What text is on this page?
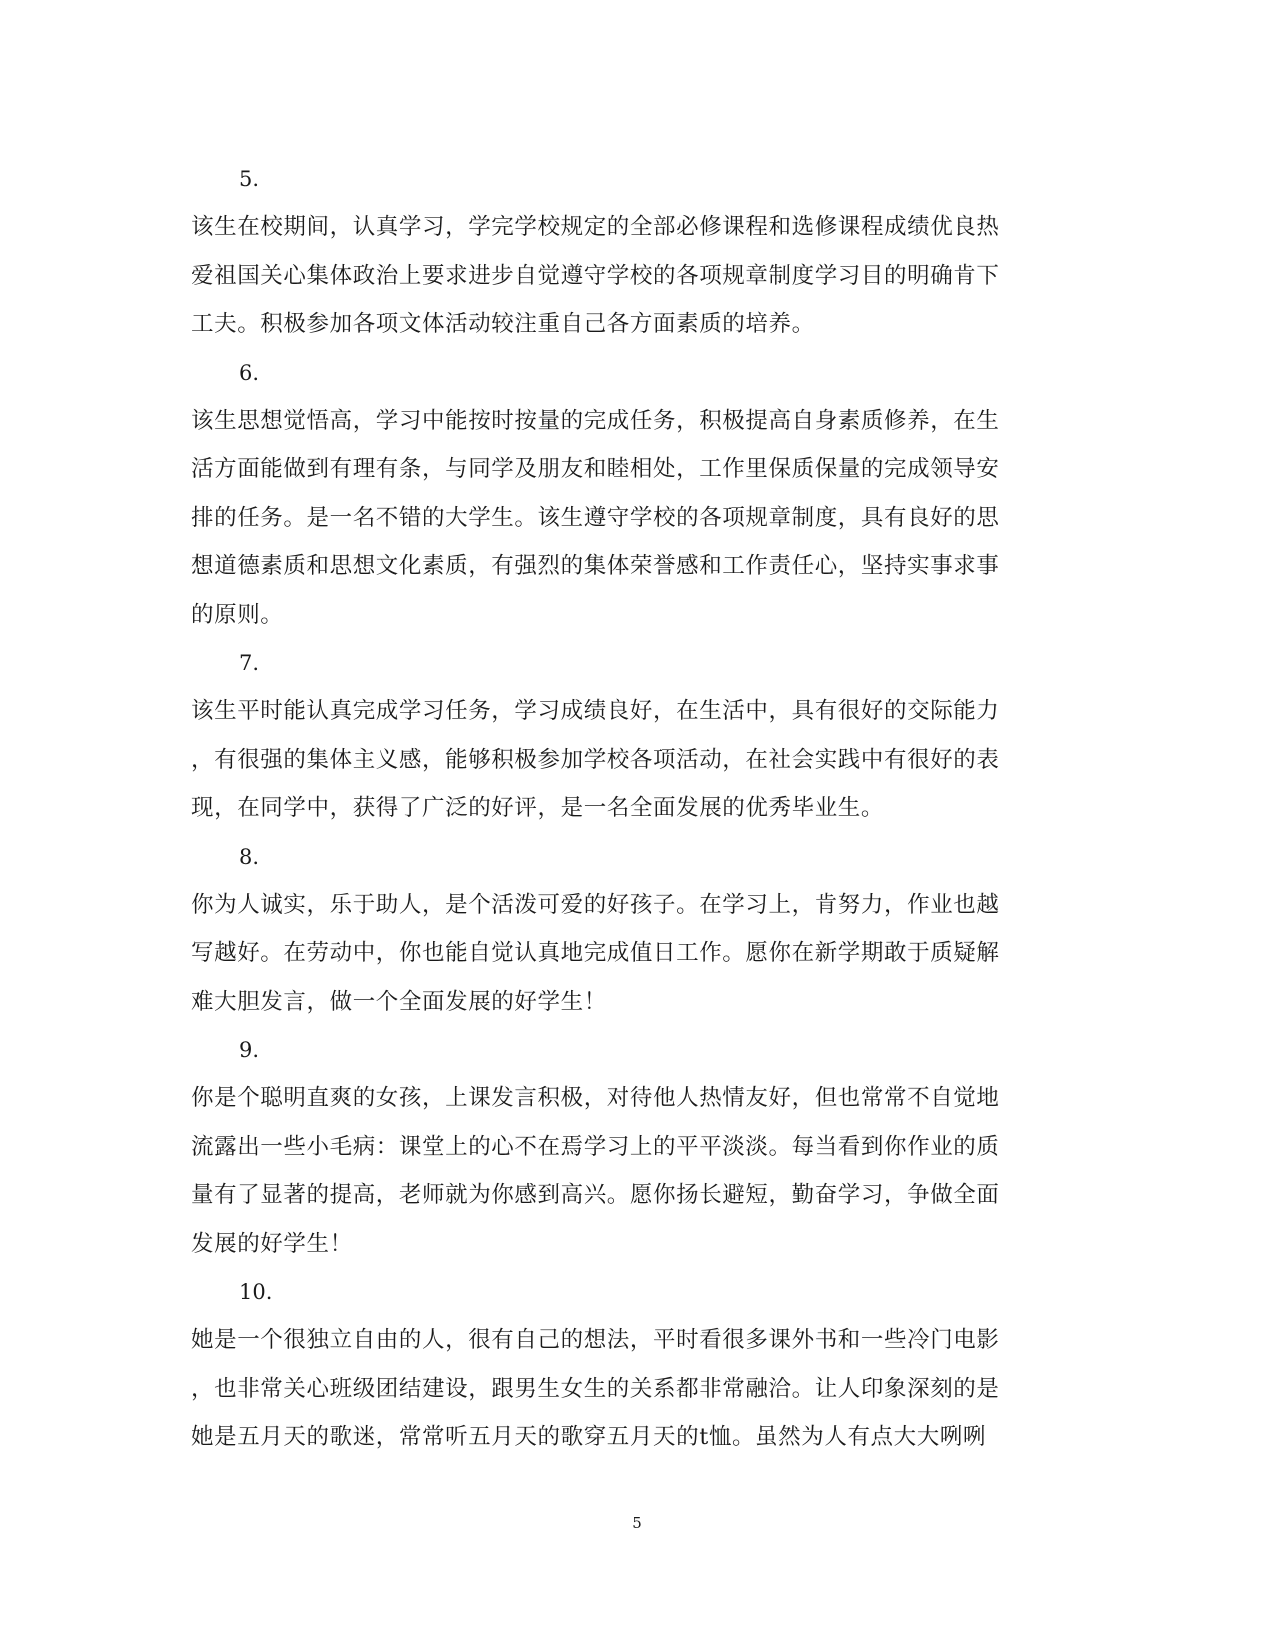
5.
该生在校期间，认真学习，学完学校规定的全部必修课程和选修课程成绩优良热
爱祖国关心集体政治上要求进步自觉遵守学校的各项规章制度学习目的明确肯下
工夫。积极参加各项文体活动较注重自己各方面素质的培养。
6.
该生思想觉悟高，学习中能按时按量的完成任务，积极提高自身素质修养，在生
活方面能做到有理有条，与同学及朋友和睦相处，工作里保质保量的完成领导安
排的任务。是一名不错的大学生。该生遵守学校的各项规章制度，具有良好的思
想道德素质和思想文化素质，有强烈的集体荣誉感和工作责任心，坚持实事求事
的原则。
7.
该生平时能认真完成学习任务，学习成绩良好，在生活中，具有很好的交际能力
，有很强的集体主义感，能够积极参加学校各项活动，在社会实践中有很好的表
现，在同学中，获得了广泛的好评，是一名全面发展的优秀毕业生。
8.
你为人诚实，乐于助人，是个活泼可爱的好孩子。在学习上，肯努力，作业也越
写越好。在劳动中，你也能自觉认真地完成值日工作。愿你在新学期敢于质疑解
难大胆发言，做一个全面发展的好学生！
9.
你是个聪明直爽的女孩，上课发言积极，对待他人热情友好，但也常常不自觉地
流露出一些小毛病：课堂上的心不在焉学习上的平平淡淡。每当看到你作业的质
量有了显著的提高，老师就为你感到高兴。愿你扬长避短，勤奋学习，争做全面
发展的好学生！
10.
她是一个很独立自由的人，很有自己的想法，平时看很多课外书和一些冷门电影
，也非常关心班级团结建设，跟男生女生的关系都非常融洽。让人印象深刻的是
她是五月天的歌迷，常常听五月天的歌穿五月天的t恤。虽然为人有点大大咧咧
5
